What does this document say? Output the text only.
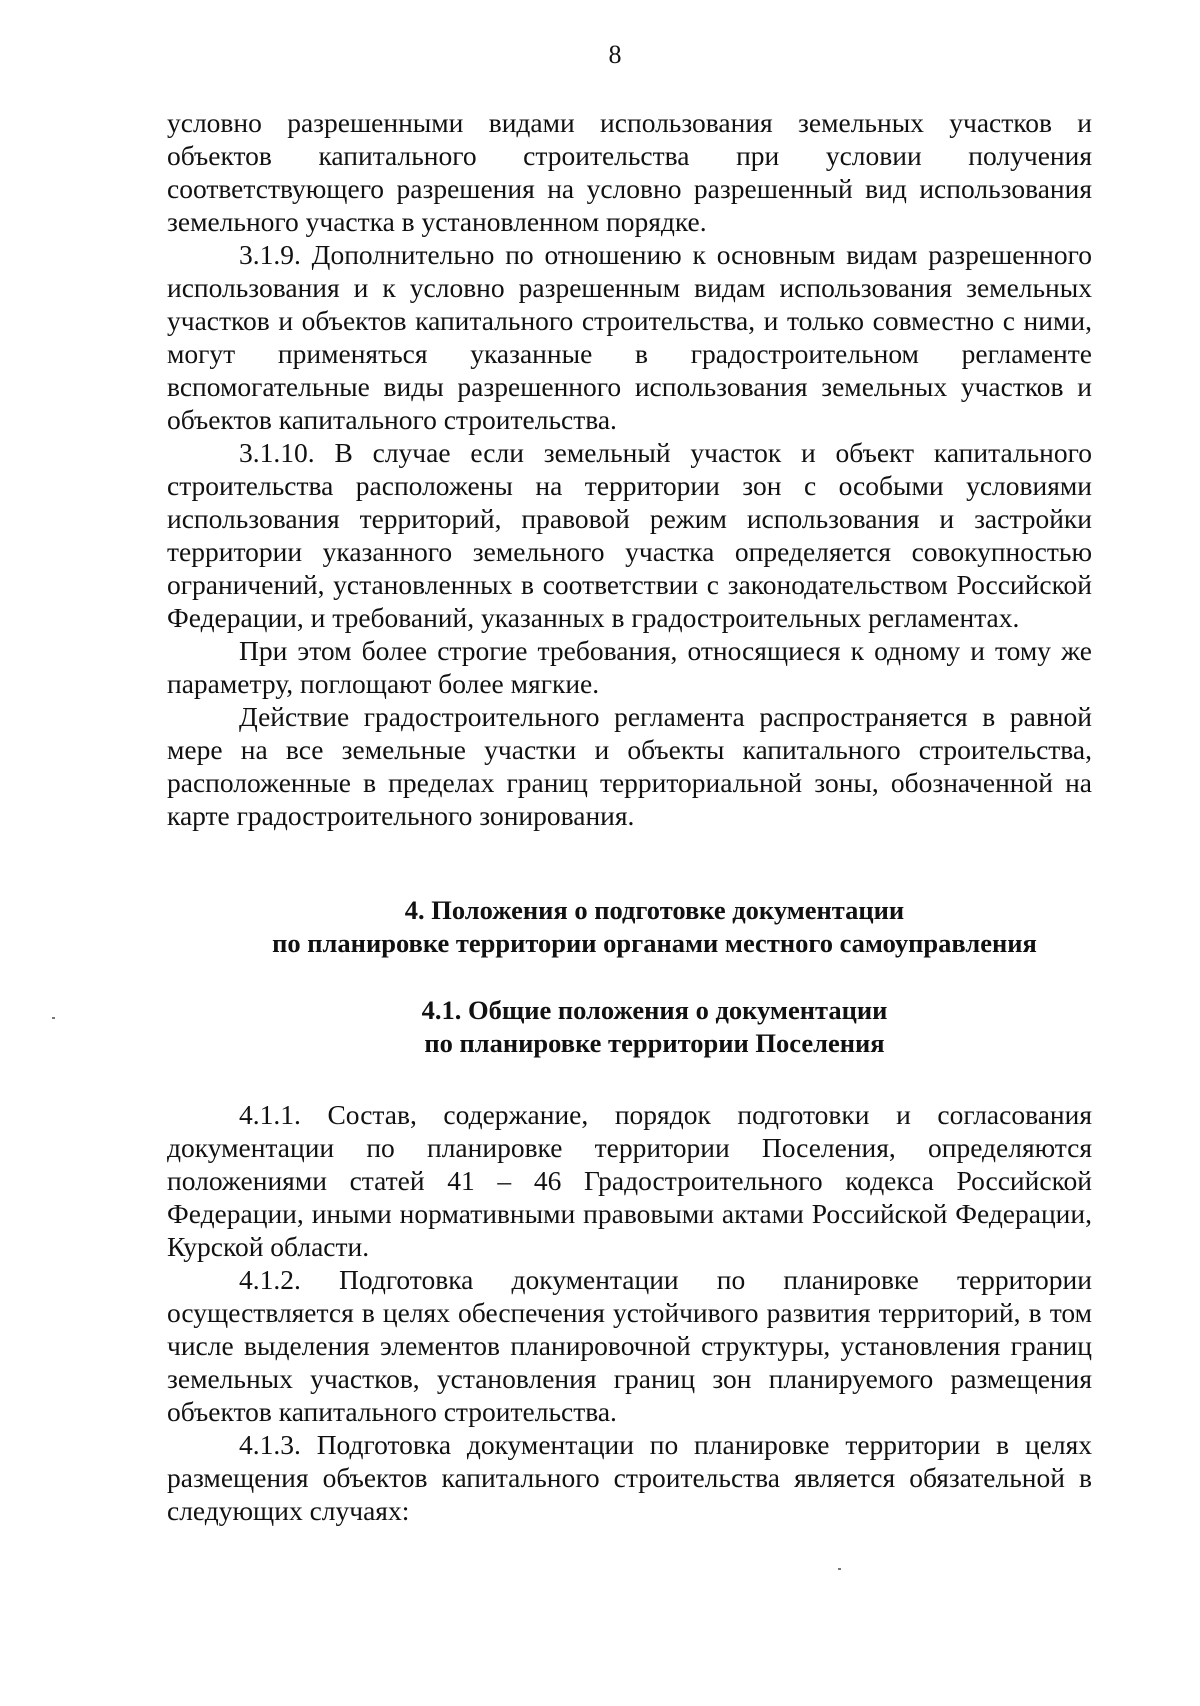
8

условно разрешенными видами использования земельных участков и объектов капитального строительства при условии получения соответствующего разрешения на условно разрешенный вид использования земельного участка в установленном порядке.

3.1.9. Дополнительно по отношению к основным видам разрешенного использования и к условно разрешенным видам использования земельных участков и объектов капитального строительства, и только совместно с ними, могут применяться указанные в градостроительном регламенте вспомогательные виды разрешенного использования земельных участков и объектов капитального строительства.

3.1.10. В случае если земельный участок и объект капитального строительства расположены на территории зон с особыми условиями использования территорий, правовой режим использования и застройки территории указанного земельного участка определяется совокупностью ограничений, установленных в соответствии с законодательством Российской Федерации, и требований, указанных в градостроительных регламентах.

При этом более строгие требования, относящиеся к одному и тому же параметру, поглощают более мягкие.

Действие градостроительного регламента распространяется в равной мере на все земельные участки и объекты капитального строительства, расположенные в пределах границ территориальной зоны, обозначенной на карте градостроительного зонирования.

4. Положения о подготовке документации
по планировке территории органами местного самоуправления
4.1. Общие положения о документации
по планировке территории Поселения

4.1.1. Состав, содержание, порядок подготовки и согласования документации по планировке территории Поселения, определяются положениями статей 41 – 46 Градостроительного кодекса Российской Федерации, иными нормативными правовыми актами Российской Федерации, Курской области.

4.1.2. Подготовка документации по планировке территории осуществляется в целях обеспечения устойчивого развития территорий, в том числе выделения элементов планировочной структуры, установления границ земельных участков, установления границ зон планируемого размещения объектов капитального строительства.

4.1.3. Подготовка документации по планировке территории в целях размещения объектов капитального строительства является обязательной в следующих случаях:
